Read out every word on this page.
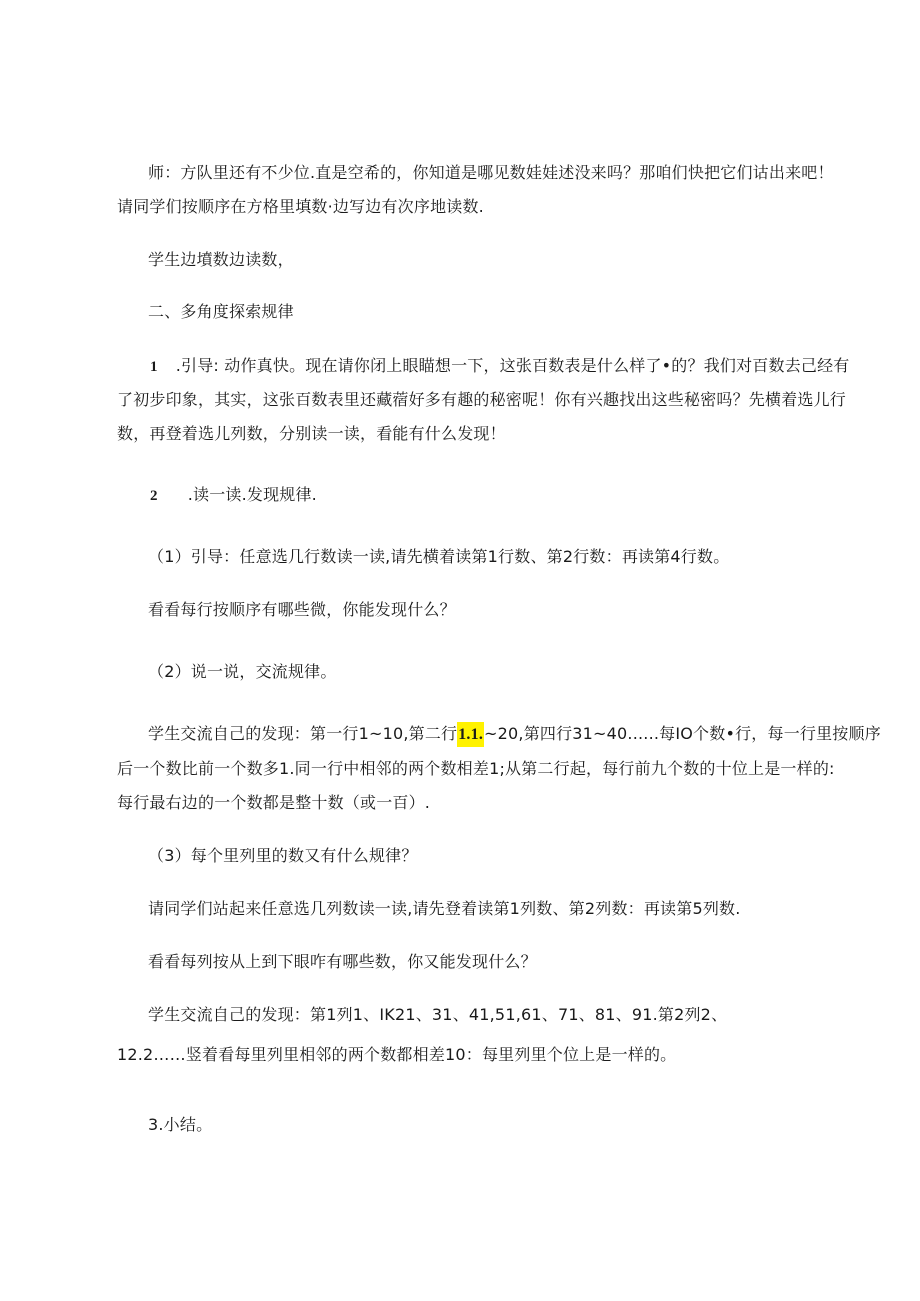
师：方队里还有不少位.直是空希的，你知道是哪见数娃娃述没来吗？那咱们快把它们诂出来吧！
请同学们按顺序在方格里填数·边写边有次序地读数.
学生边墳数边读数，
二、多角度探索规律
1 .引导: 动作真快。现在请你闭上眼瞄想一下，这张百数表是什么样了•的？我们对百数去己经有
了初步印象，其实，这张百数表里还藏蓿好多有趣的秘密呢！你有兴趣找出这些秘密吗？先横着选儿行
数，再登着选儿列数，分别读一读，看能有什么发现！
2 .读一读.发现规律.
（1）引导：任意选几行数读一读,请先横着读第1行数、第2行数：再读第4行数。
看看每行按顺序有哪些微，你能发现什么？
（2）说一说，交流规律。
学生交流自己的发现：第一行1~10,第二行1.1.~20,第四行31~40......每IO个数•行，每一行里按顺序
后一个数比前一个数多1.同一行中相邻的两个数相差1;从第二行起，每行前九个数的十位上是一样的:
每行最右边的一个数都是整十数（或一百）.
（3）每个里列里的数又有什么规律？
请同学们站起来任意选几列数读一读,请先登着读第1列数、第2列数：再读第5列数.
看看每列按从上到下眼咋有哪些数，你又能发现什么？
学生交流自己的发现：第1列1、IK21、31、41,51,61、71、81、91.第2列2、
12.2……竖着看每里列里相邻的两个数都相差10：每里列里个位上是一样的。
3.小结。
